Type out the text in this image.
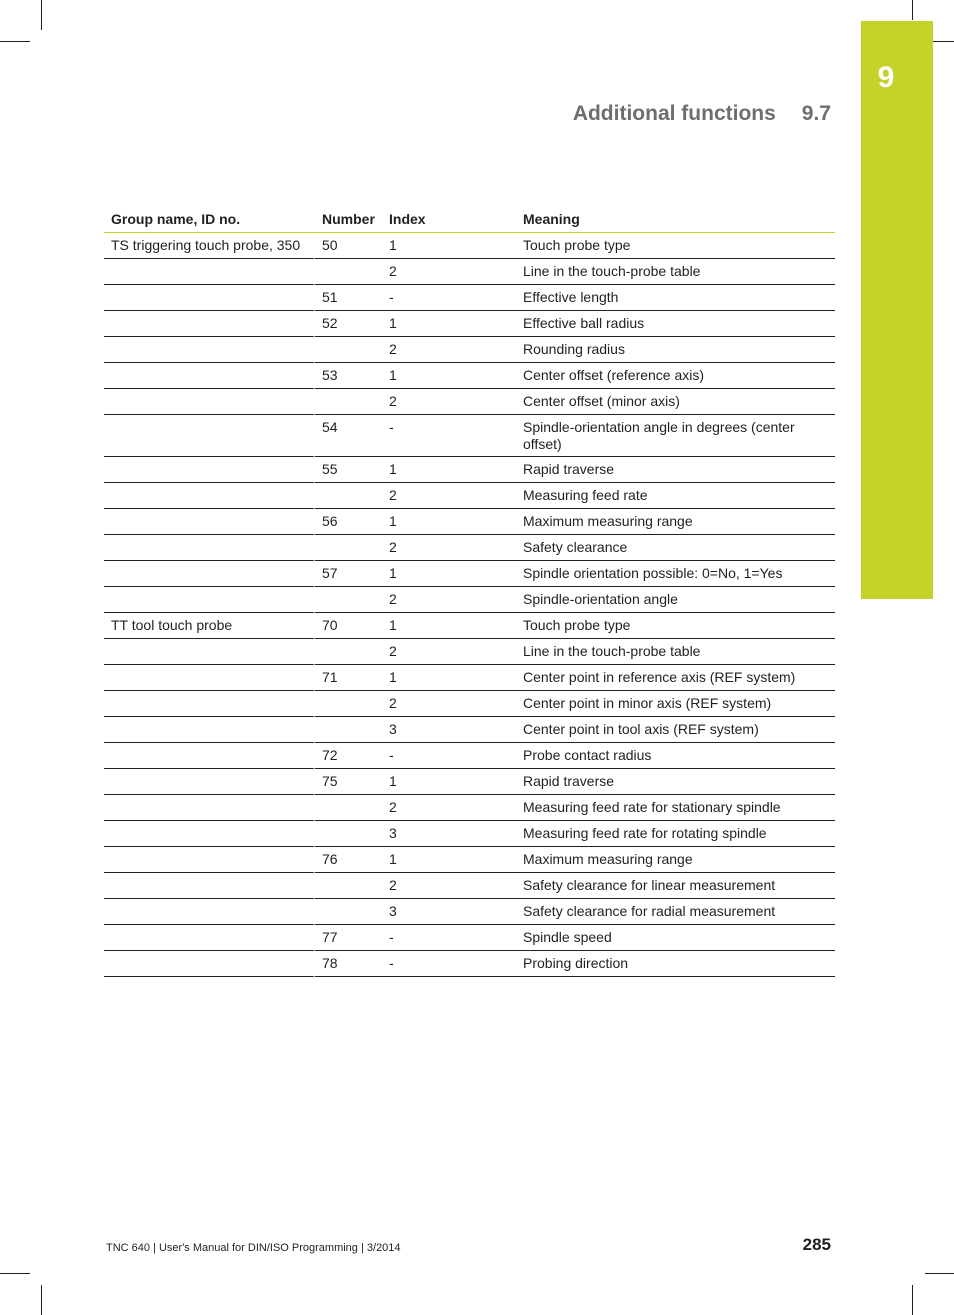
9
Additional functions 9.7
Group name, ID no.	Number	Index	Meaning
TS triggering touch probe, 350	50	1	Touch probe type
		2	Line in the touch-probe table
	51	-	Effective length
	52	1	Effective ball radius
		2	Rounding radius
	53	1	Center offset (reference axis)
		2	Center offset (minor axis)
	54	-	Spindle-orientation angle in degrees (center offset)
	55	1	Rapid traverse
		2	Measuring feed rate
	56	1	Maximum measuring range
		2	Safety clearance
	57	1	Spindle orientation possible: 0=No, 1=Yes
		2	Spindle-orientation angle
TT tool touch probe	70	1	Touch probe type
		2	Line in the touch-probe table
	71	1	Center point in reference axis (REF system)
		2	Center point in minor axis (REF system)
		3	Center point in tool axis (REF system)
	72	-	Probe contact radius
	75	1	Rapid traverse
		2	Measuring feed rate for stationary spindle
		3	Measuring feed rate for rotating spindle
	76	1	Maximum measuring range
		2	Safety clearance for linear measurement
		3	Safety clearance for radial measurement
	77	-	Spindle speed
	78	-	Probing direction
TNC 640 | User's Manual for DIN/ISO Programming | 3/2014	285
